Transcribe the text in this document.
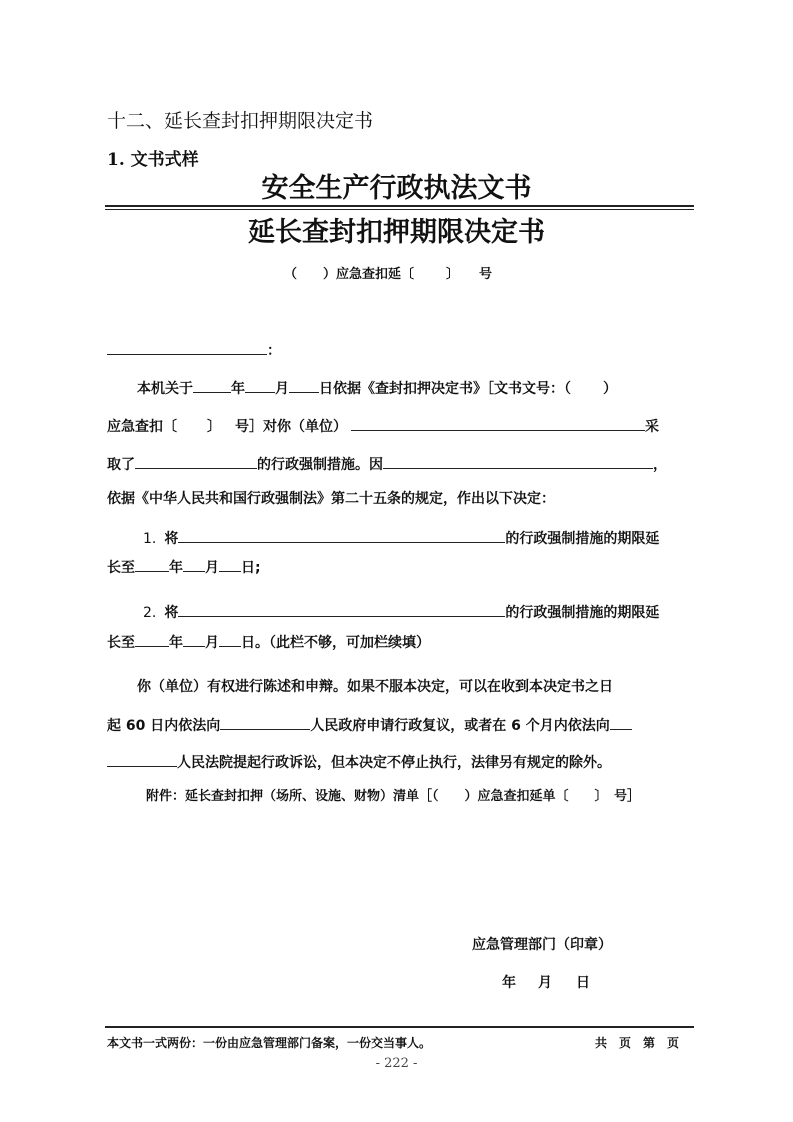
十二、延长查封扣押期限决定书
1. 文书式样
安全生产行政执法文书
延长查封扣押期限决定书
（ ）应急查扣延〔 〕 号
：
本机关于	年 月 日依据《查封扣押决定书》［文书文号：（ ）
应急查扣〔 〕 号］对你（单位）	采
取了	的行政强制措施。因	，
依据《中华人民共和国行政强制法》第二十五条的规定，作出以下决定：
1. 将	的行政强制措施的期限延
长至 年 月 日;
2. 将	的行政强制措施的期限延
长至 年 月 日。（此栏不够，可加栏续填）
你（单位）有权进行陈述和申辩。如果不服本决定，可以在收到本决定书之日
起 60 日内依法向	人民政府申请行政复议，或者在 6 个月内依法向
人民法院提起行政诉讼，但本决定不停止执行，法律另有规定的除外。
附件：延长查封扣押（场所、设施、财物）清单［（　　）应急查扣延单〔　　〕　号］
应急管理部门（印章）
年 月 日
本文书一式两份：一份由应急管理部门备案，一份交当事人。	共　页　第　页
- 222 -
